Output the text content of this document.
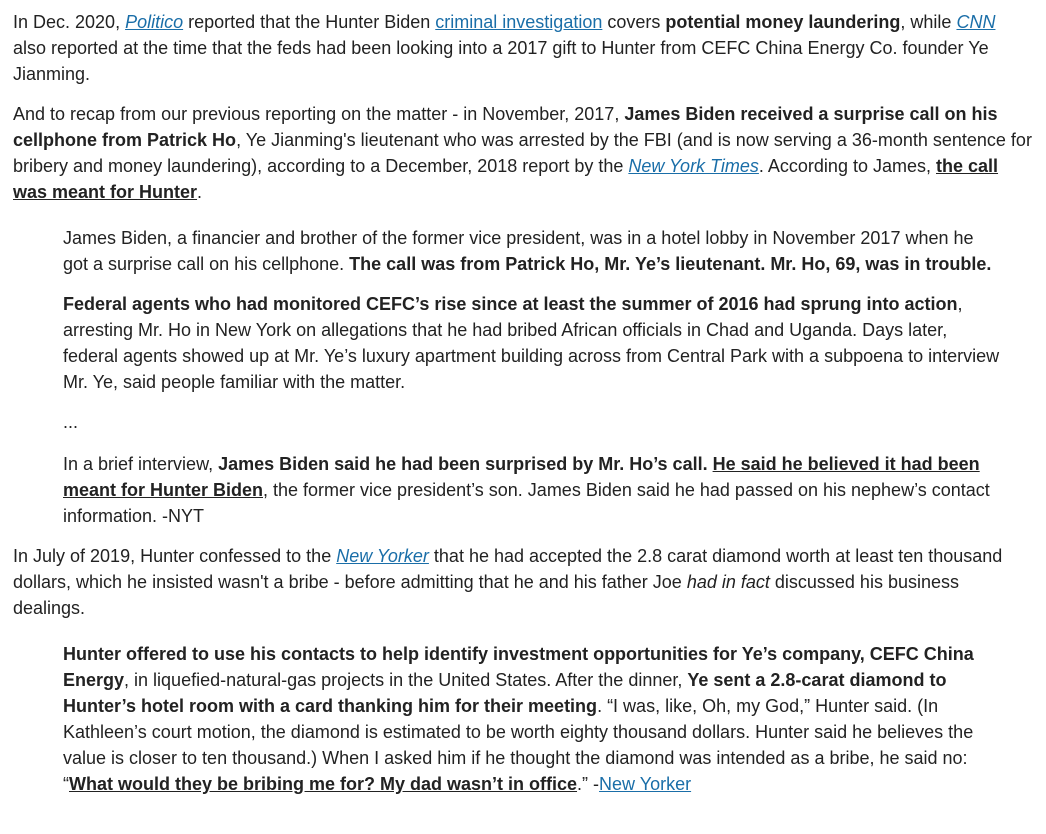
In Dec. 2020, Politico reported that the Hunter Biden criminal investigation covers potential money laundering, while CNN also reported at the time that the feds had been looking into a 2017 gift to Hunter from CEFC China Energy Co. founder Ye Jianming.

And to recap from our previous reporting on the matter - in November, 2017, James Biden received a surprise call on his cellphone from Patrick Ho, Ye Jianming's lieutenant who was arrested by the FBI (and is now serving a 36-month sentence for bribery and money laundering), according to a December, 2018 report by the New York Times. According to James, the call was meant for Hunter.

James Biden, a financier and brother of the former vice president, was in a hotel lobby in November 2017 when he got a surprise call on his cellphone. The call was from Patrick Ho, Mr. Ye’s lieutenant. Mr. Ho, 69, was in trouble.

Federal agents who had monitored CEFC’s rise since at least the summer of 2016 had sprung into action, arresting Mr. Ho in New York on allegations that he had bribed African officials in Chad and Uganda. Days later, federal agents showed up at Mr. Ye’s luxury apartment building across from Central Park with a subpoena to interview Mr. Ye, said people familiar with the matter.

...

In a brief interview, James Biden said he had been surprised by Mr. Ho’s call. He said he believed it had been meant for Hunter Biden, the former vice president’s son. James Biden said he had passed on his nephew’s contact information. -NYT

In July of 2019, Hunter confessed to the New Yorker that he had accepted the 2.8 carat diamond worth at least ten thousand dollars, which he insisted wasn't a bribe - before admitting that he and his father Joe had in fact discussed his business dealings.

Hunter offered to use his contacts to help identify investment opportunities for Ye’s company, CEFC China Energy, in liquefied-natural-gas projects in the United States. After the dinner, Ye sent a 2.8-carat diamond to Hunter’s hotel room with a card thanking him for their meeting. “I was, like, Oh, my God,” Hunter said. (In Kathleen’s court motion, the diamond is estimated to be worth eighty thousand dollars. Hunter said he believes the value is closer to ten thousand.) When I asked him if he thought the diamond was intended as a bribe, he said no: “What would they be bribing me for? My dad wasn’t in office.” -New Yorker
